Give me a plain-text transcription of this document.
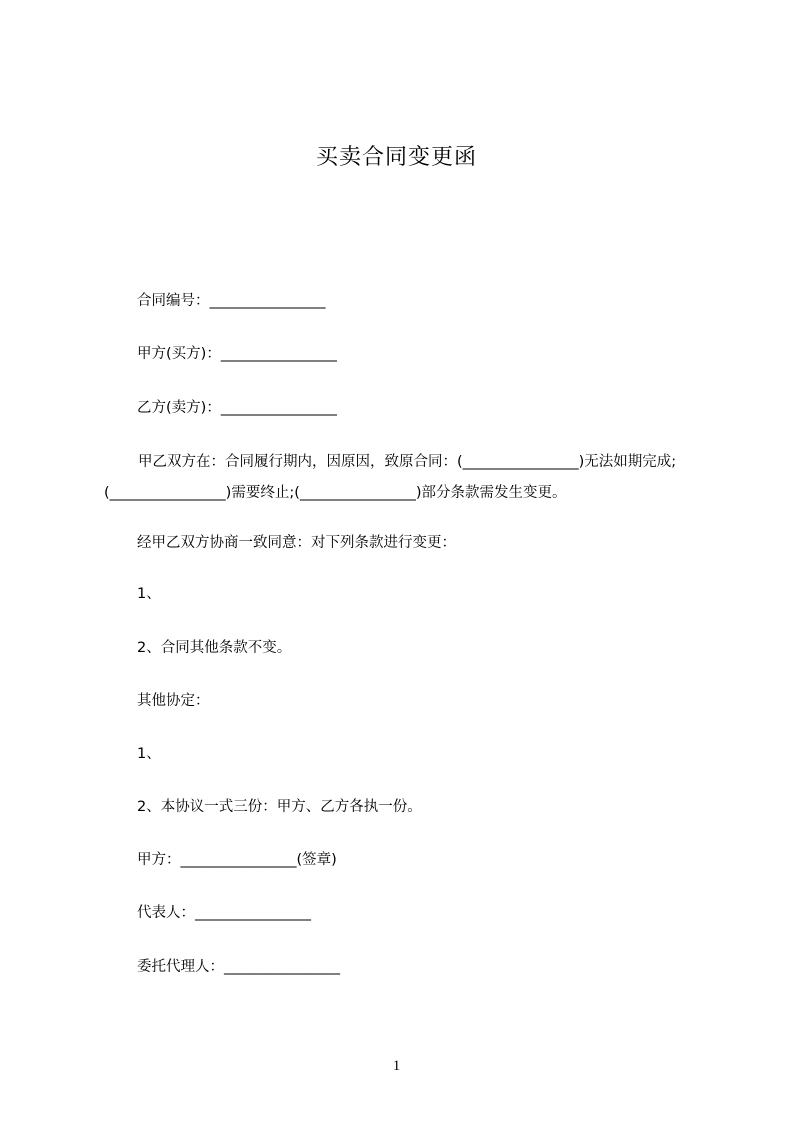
买卖合同变更函
合同编号：________________
甲方(买方)：________________
乙方(卖方)：________________
甲乙双方在：合同履行期内，因原因，致原合同：(________________)无法如期完成;(________________)需要终止;(________________)部分条款需发生变更。
经甲乙双方协商一致同意：对下列条款进行变更：
1、
2、合同其他条款不变。
其他协定：
1、
2、本协议一式三份：甲方、乙方各执一份。
甲方：________________(签章)
代表人：________________
委托代理人：________________
1
